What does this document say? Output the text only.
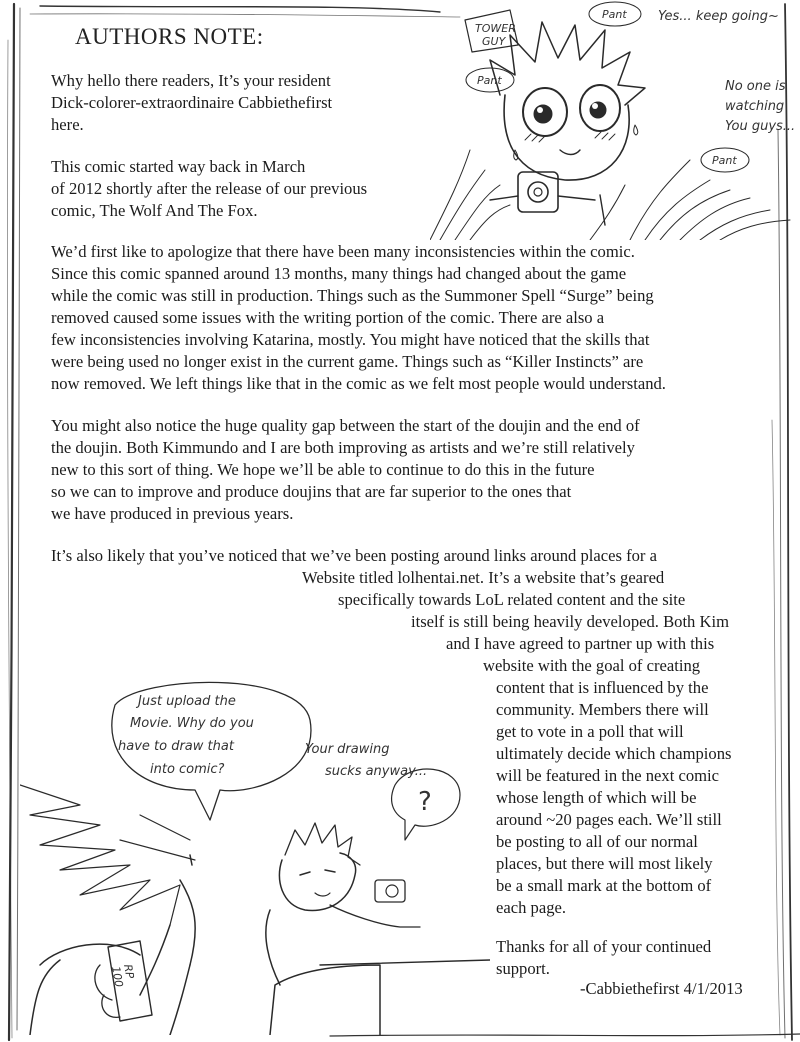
AUTHORS NOTE:
Why hello there readers, It’s your resident
Dick-colorer-extraordinaire Cabbiethefirst
here.
This comic started way back in March
of 2012 shortly after the release of our previous
comic, The Wolf And The Fox.
We’d first like to apologize that there have been many inconsistencies within the comic.
Since this comic spanned around 13 months, many things had changed about the game
while the comic was still in production. Things such as the Summoner Spell “Surge” being
removed caused some issues with the writing portion of the comic. There are also a
few inconsistencies involving Katarina, mostly. You might have noticed that the skills that
were being used no longer exist in the current game. Things such as “Killer Instincts” are
now removed. We left things like that in the comic as we felt most people would understand.
You might also notice the huge quality gap between the start of the doujin and the end of
the doujin. Both Kimmundo and I are both improving as artists and we’re still relatively
new to this sort of thing. We hope we’ll be able to continue to do this in the future
so we can to improve and produce doujins that are far superior to the ones that
we have produced in previous years.
It’s also likely that you’ve noticed that we’ve been posting around links around places for a
Website titled lolhentai.net. It’s a website that’s geared
specifically towards LoL related content and the site
itself is still being heavily developed. Both Kim
and I have agreed to partner up with this
website with the goal of creating
content that is influenced by the
community. Members there will
get to vote in a poll that will
ultimately decide which champions
will be featured in the next comic
whose length of which will be
around ~20 pages each. We’ll still
be posting to all of our normal
places, but there will most likely
be a small mark at the bottom of
each page.
Thanks for all of your continued
support.
-Cabbiethefirst 4/1/2013
TOWER
GUY
Pant Yes... keep going~
Pant	No one is
watching
You guys...
Pant
Just upload the
Movie. Why do you
have to draw that
into comic?
Your drawing
sucks anyway...
?
RP
100
